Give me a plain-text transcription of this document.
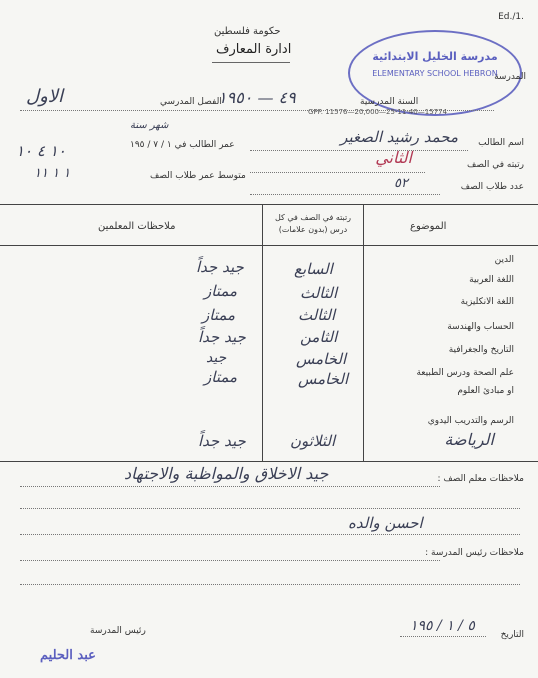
Ed./1.
حكومة فلسطين
ادارة المعارف	مدرسة الخليل الابتدائية
ELEMENTARY SCHOOL HEBRON
المدرسة
GPP. 11576—20,000—25-11-40—15774
السنة المدرسية
٤٩ — ١٩٥٠
الفصل المدرسي
الاول
اسم الطالب
محمد رشيد الصغير
رتبته في الصف
الثاني
عدد طلاب الصف
٥٢
شهر سنة
عمر الطالب في ١ / ٧ / ١٩٥
١٠ ٤ ١٠
متوسط عمر طلاب الصف
١ ١ ١١
الموضوع
رتبته في الصف في كل درس (بدون علامات)
ملاحظات المعلمين
الدين
اللغة العربية
السابع
جيد جداً
اللغة الانكليزية
الثالث
ممتاز
الحساب والهندسة
الثالث
ممتاز
التاريخ والجغرافية
الثامن
جيد جداً
علم الصحة ودرس الطبيعة
الخامس
جيد
او مبادئ العلوم
الخامس
ممتاز
الرسم والتدريب اليدوي
الرياضة
الثلاثون
جيد جداً
ملاحظات معلم الصف :
جيد الاخلاق والمواظبة والاجتهاد
احسن والده
ملاحظات رئيس المدرسة :
رئيس المدرسة	التاريخ
٥ / ١ / ١٩٥
عبد الحليم
